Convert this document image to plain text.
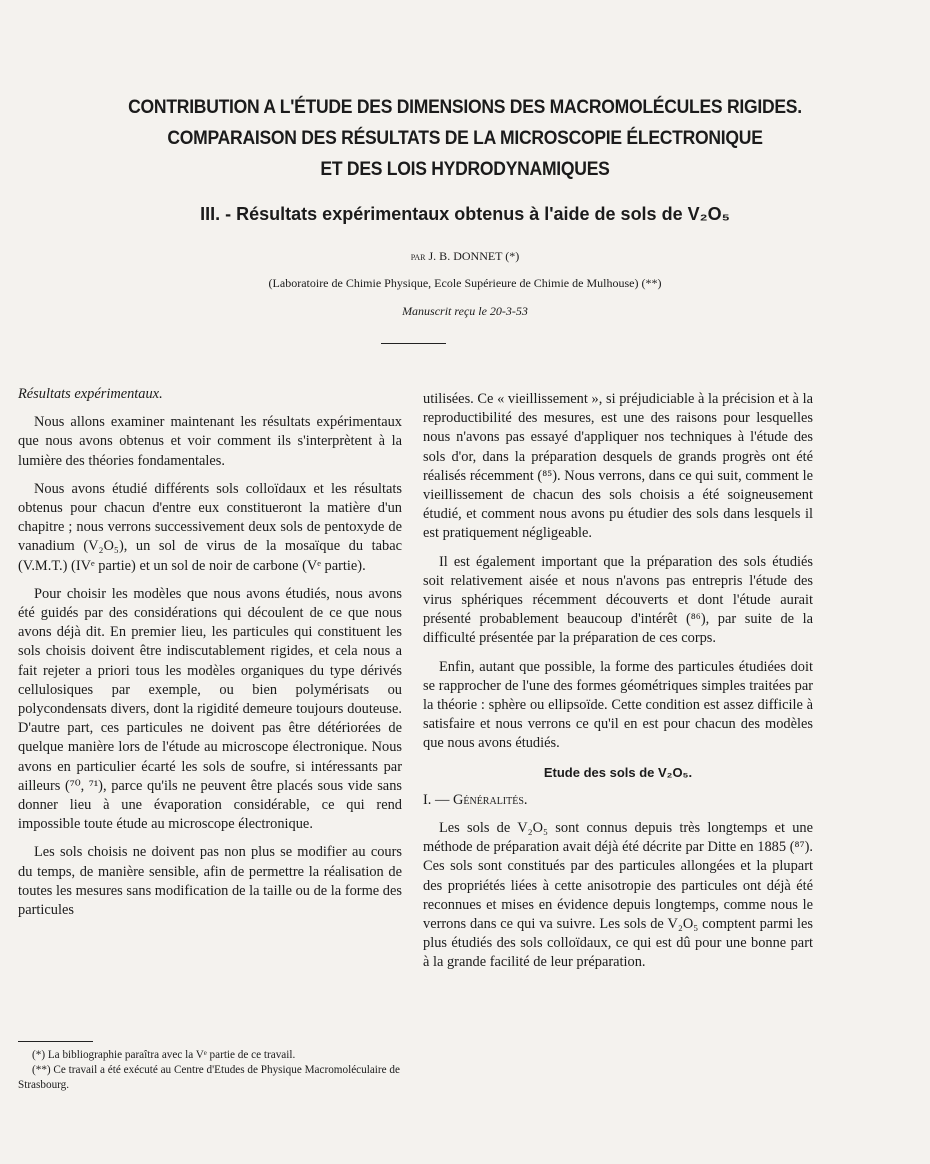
CONTRIBUTION A L'ÉTUDE DES DIMENSIONS DES MACROMOLÉCULES RIGIDES.
COMPARAISON DES RÉSULTATS DE LA MICROSCOPIE ÉLECTRONIQUE
ET DES LOIS HYDRODYNAMIQUES
III. - Résultats expérimentaux obtenus à l'aide de sols de V₂O₅
par J. B. DONNET (*)
(Laboratoire de Chimie Physique, Ecole Supérieure de Chimie de Mulhouse) (**)
Manuscrit reçu le 20-3-53

Résultats expérimentaux.

Nous allons examiner maintenant les résultats expérimentaux que nous avons obtenus et voir comment ils s'interprètent à la lumière des théories fondamentales.

Nous avons étudié différents sols colloïdaux et les résultats obtenus pour chacun d'entre eux constitueront la matière d'un chapitre ; nous verrons successivement deux sols de pentoxyde de vanadium (V₂O₅), un sol de virus de la mosaïque du tabac (V.M.T.) (IVᵉ partie) et un sol de noir de carbone (Vᵉ partie).

Pour choisir les modèles que nous avons étudiés, nous avons été guidés par des considérations qui découlent de ce que nous avons déjà dit. En premier lieu, les particules qui constituent les sols choisis doivent être indiscutablement rigides, et cela nous a fait rejeter a priori tous les modèles organiques du type dérivés cellulosiques par exemple, ou bien polymérisats ou polycondensats divers, dont la rigidité demeure toujours douteuse. D'autre part, ces particules ne doivent pas être détériorées de quelque manière lors de l'étude au microscope électronique. Nous avons en particulier écarté les sols de soufre, si intéressants par ailleurs (⁷⁰, ⁷¹), parce qu'ils ne peuvent être placés sous vide sans donner lieu à une évaporation considérable, ce qui rend impossible toute étude au microscope électronique.

Les sols choisis ne doivent pas non plus se modifier au cours du temps, de manière sensible, afin de permettre la réalisation de toutes les mesures sans modification de la taille ou de la forme des particules

(*) La bibliographie paraîtra avec la Vᵉ partie de ce travail.

(**) Ce travail a été exécuté au Centre d'Etudes de Physique Macromoléculaire de Strasbourg.

utilisées. Ce « vieillissement », si préjudiciable à la précision et à la reproductibilité des mesures, est une des raisons pour lesquelles nous n'avons pas essayé d'appliquer nos techniques à l'étude des sols d'or, dans la préparation desquels de grands progrès ont été réalisés récemment (⁸⁵). Nous verrons, dans ce qui suit, comment le vieillissement de chacun des sols choisis a été soigneusement étudié, et comment nous avons pu étudier des sols dans lesquels il est pratiquement négligeable.

Il est également important que la préparation des sols étudiés soit relativement aisée et nous n'avons pas entrepris l'étude des virus sphériques récemment découverts et dont l'étude aurait présenté probablement beaucoup d'intérêt (⁸⁶), par suite de la difficulté présentée par la préparation de ces corps.

Enfin, autant que possible, la forme des particules étudiées doit se rapprocher de l'une des formes géométriques simples traitées par la théorie : sphère ou ellipsoïde. Cette condition est assez difficile à satisfaire et nous verrons ce qu'il en est pour chacun des modèles que nous avons étudiés.

Etude des sols de V₂O₅.

I. — Généralités.

Les sols de V₂O₅ sont connus depuis très longtemps et une méthode de préparation avait déjà été décrite par Ditte en 1885 (⁸⁷). Ces sols sont constitués par des particules allongées et la plupart des propriétés liées à cette anisotropie des particules ont déjà été reconnues et mises en évidence depuis longtemps, comme nous le verrons dans ce qui va suivre. Les sols de V₂O₅ comptent parmi les plus étudiés des sols colloïdaux, ce qui est dû pour une bonne part à la grande facilité de leur préparation.
